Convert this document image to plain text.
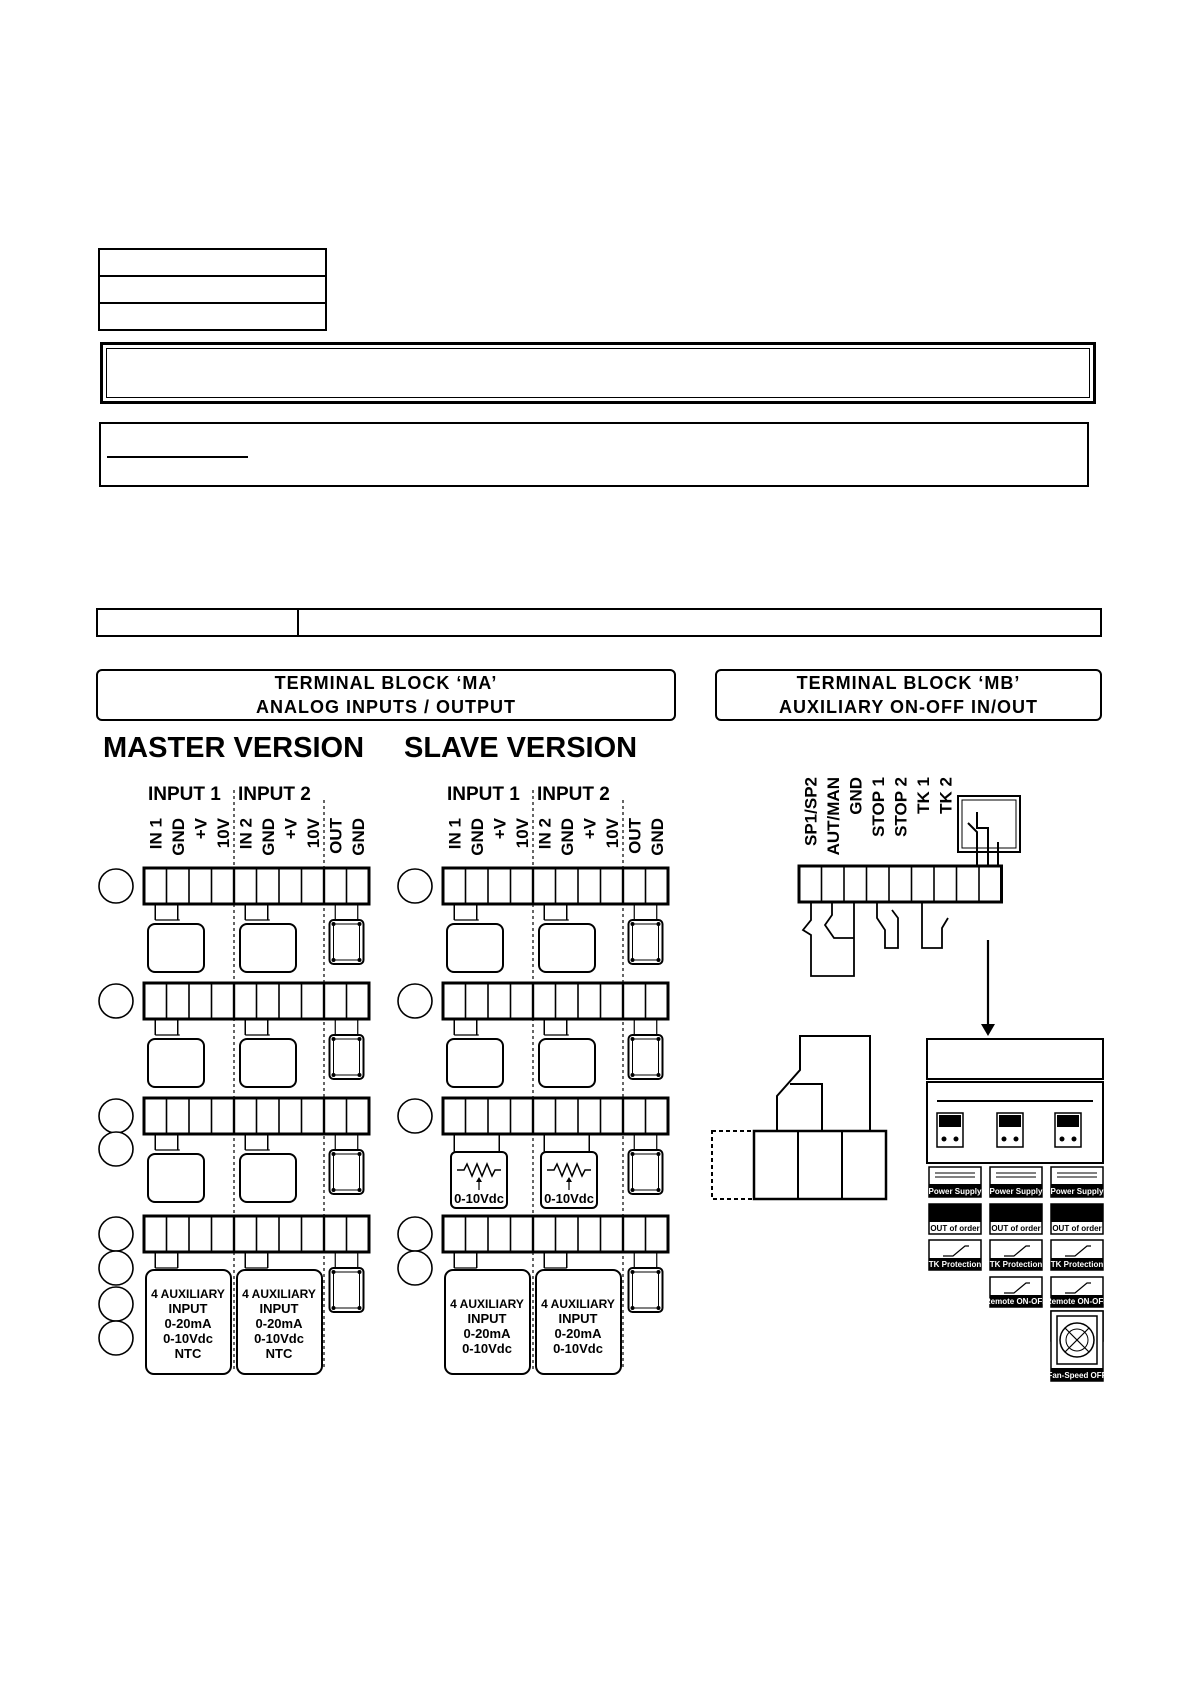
TERMINAL BLOCK ‘MA’
ANALOG INPUTS / OUTPUT
TERMINAL BLOCK ‘MB’
AUXILIARY ON-OFF IN/OUT
MASTER VERSION SLAVE VERSION
INPUT 1 INPUT 2
IN 1 GND +V 10V IN 2 GND +V 10V OUT GND
4 AUXILIARY
INPUT
0-20mA
0-10Vdc
NTC
4 AUXILIARY
INPUT
0-20mA
0-10Vdc
NTC
INPUT 1 INPUT 2
IN 1 GND +V 10V IN 2 GND +V 10V OUT GND
0-10Vdc	0-10Vdc
4 AUXILIARY
INPUT
0-20mA
0-10Vdc
4 AUXILIARY
INPUT
0-20mA
0-10Vdc
SP1/SP2 AUT/MAN GND STOP 1 STOP 2 TK 1 TK 2
Power Supply
OUT of order
TK Protection
Power Supply
OUT of order
TK Protection
Remote ON-OFF
Power Supply
OUT of order
TK Protection
Remote ON-OFF
Fan-Speed OFF
